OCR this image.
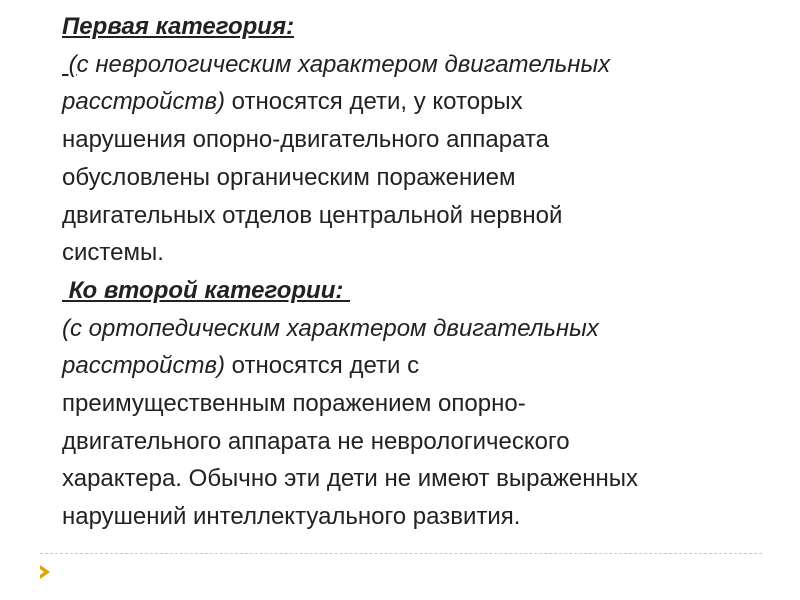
Первая категория:
(с неврологическим характером двигательных
расстройств) относятся дети, у которых
нарушения опорно-двигательного аппарата
обусловлены органическим поражением
двигательных отделов центральной нервной
системы.
Ко второй категории:
(с ортопедическим характером двигательных
расстройств) относятся дети с
преимущественным поражением опорно-
двигательного аппарата не неврологического
характера. Обычно эти дети не имеют выраженных
нарушений интеллектуального развития.
